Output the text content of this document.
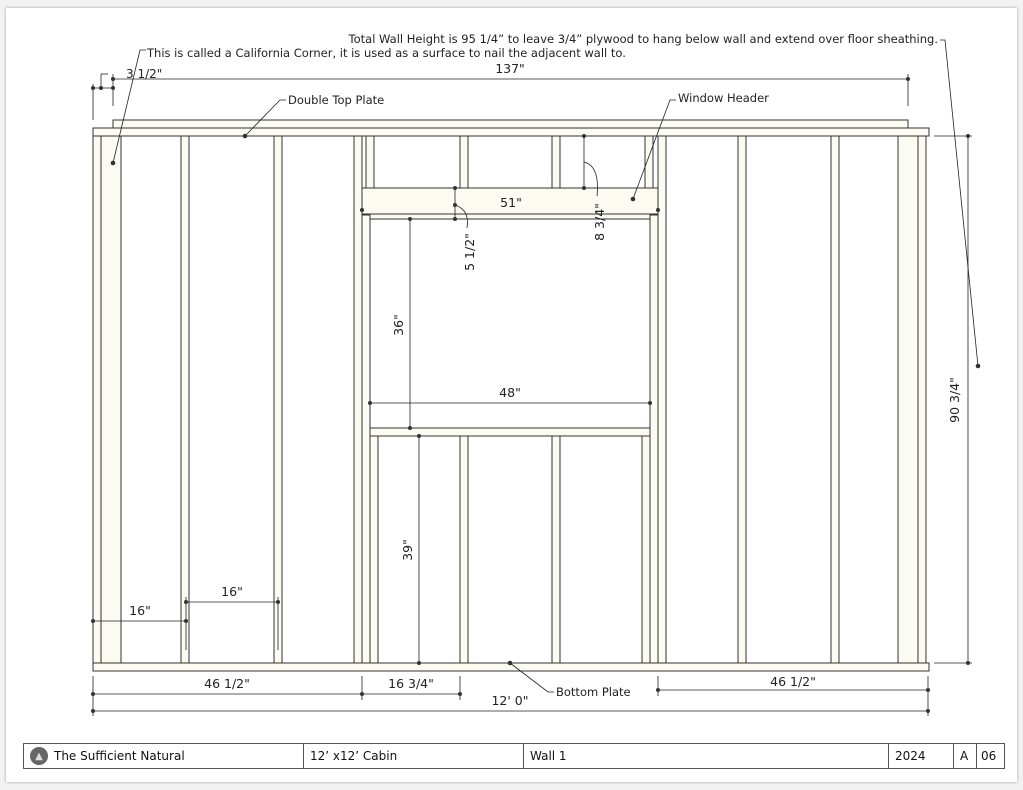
Total Wall Height is 95 1/4” to leave 3/4” plywood to hang below wall and extend over floor sheathing.
This is called a California Corner, it is used as a surface to nail the adjacent wall to.
Double Top Plate	Window Header
Bottom Plate
3 1/2"	137"
51"
8 3/4"
5 1/2"
36"
48"
39"
16"
16"
46 1/2"	16 3/4"	46 1/2"
12' 0"
90 3/4"
▲ The Sufficient Natural	12’ x12’ Cabin	Wall 1	2024	A 06
